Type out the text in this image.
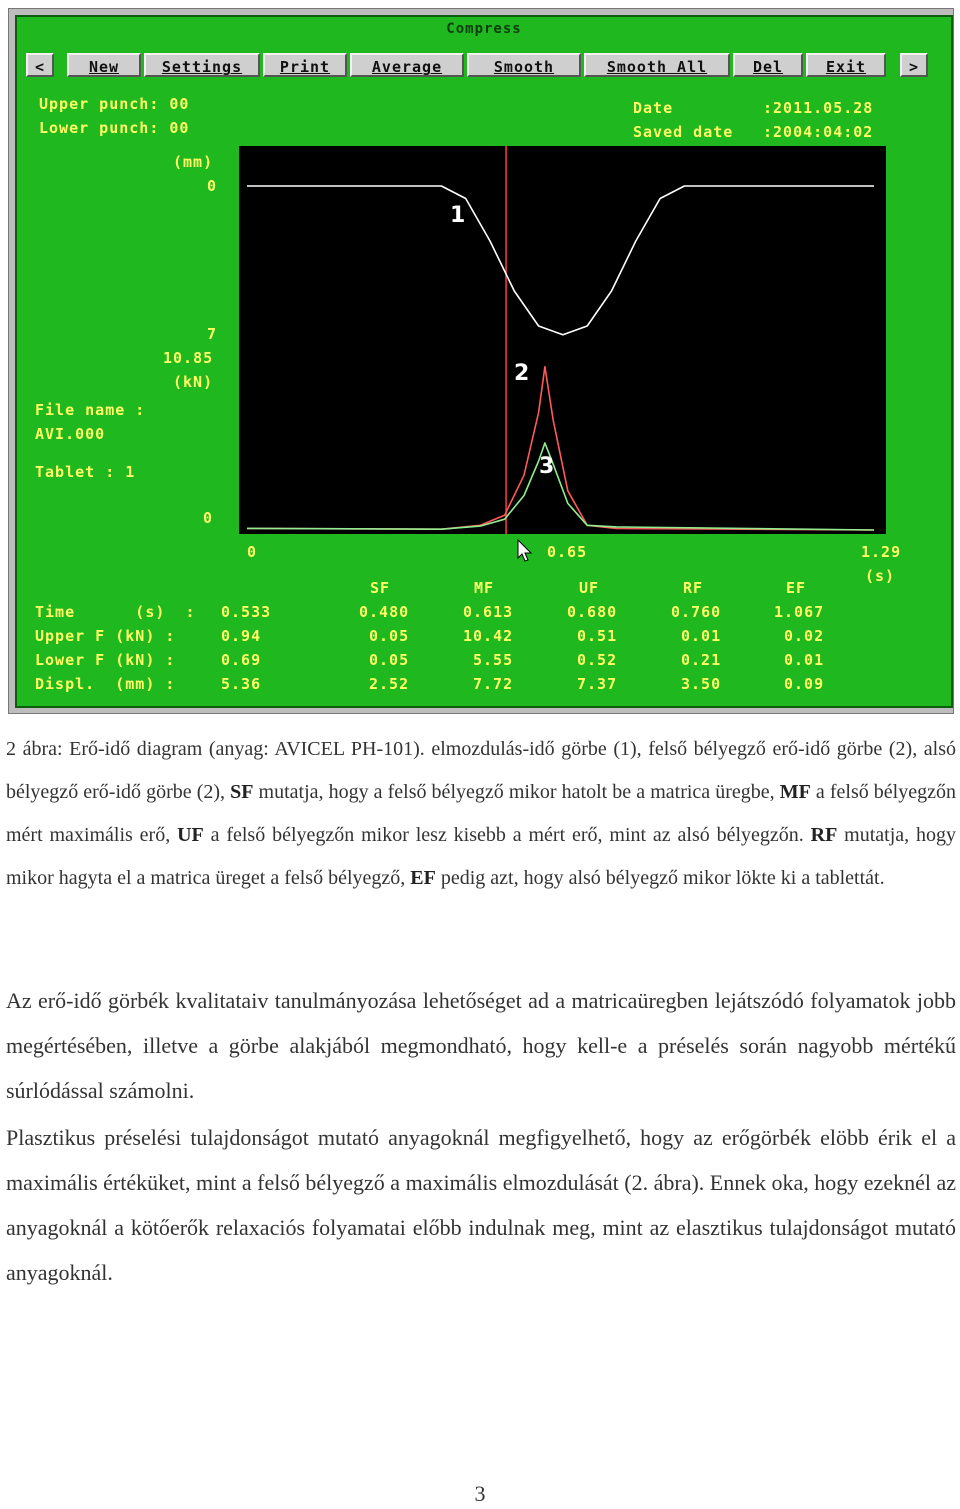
Compress
<	New	Settings	Print	Average	Smooth	Smooth All	Del	Exit	>
Upper punch: 00
Lower punch: 00
Date	:2011.05.28
Saved date :2004:04:02
(mm)
0
7
10.85
(kN)
0
File name :
AVI.000
Tablet : 1
1
2
3
0	0.65	1.29
(s)
SF	MF	UF	RF	EF
Time      (s)  : 0.533	0.480	0.613	0.680	0.760	1.067
Upper F (kN) :	0.94	0.05	10.42	0.51	0.01	0.02
Lower F (kN) :	0.69	0.05	5.55	0.52	0.21	0.01
Displ.  (mm) :	5.36	2.52	7.72	7.37	3.50	0.09
2 ábra: Erő-idő diagram (anyag: AVICEL PH-101). elmozdulás-idő görbe (1), felső bélyegző erő-idő görbe (2), alsó bélyegző erő-idő görbe (2), SF mutatja, hogy a felső bélyegző mikor hatolt be a matrica üregbe, MF a felső bélyegzőn mért maximális erő, UF a felső bélyegzőn mikor lesz kisebb a mért erő, mint az alsó bélyegzőn. RF mutatja, hogy mikor hagyta el a matrica üreget a felső bélyegző, EF pedig azt, hogy alsó bélyegző mikor lökte ki a tablettát.
Az erő-idő görbék kvalitataiv tanulmányozása lehetőséget ad a matricaüregben lejátszódó folyamatok jobb megértésében, illetve a görbe alakjából megmondható, hogy kell-e a préselés során nagyobb mértékű súrlódással számolni.
Plasztikus préselési tulajdonságot mutató anyagoknál megfigyelhető, hogy az erőgörbék elöbb érik el a maximális értéküket, mint a felső bélyegző a maximális elmozdulását (2. ábra). Ennek oka, hogy ezeknél az anyagoknál a kötőerők relaxaciós folyamatai előbb indulnak meg, mint az elasztikus tulajdonságot mutató anyagoknál.
3
